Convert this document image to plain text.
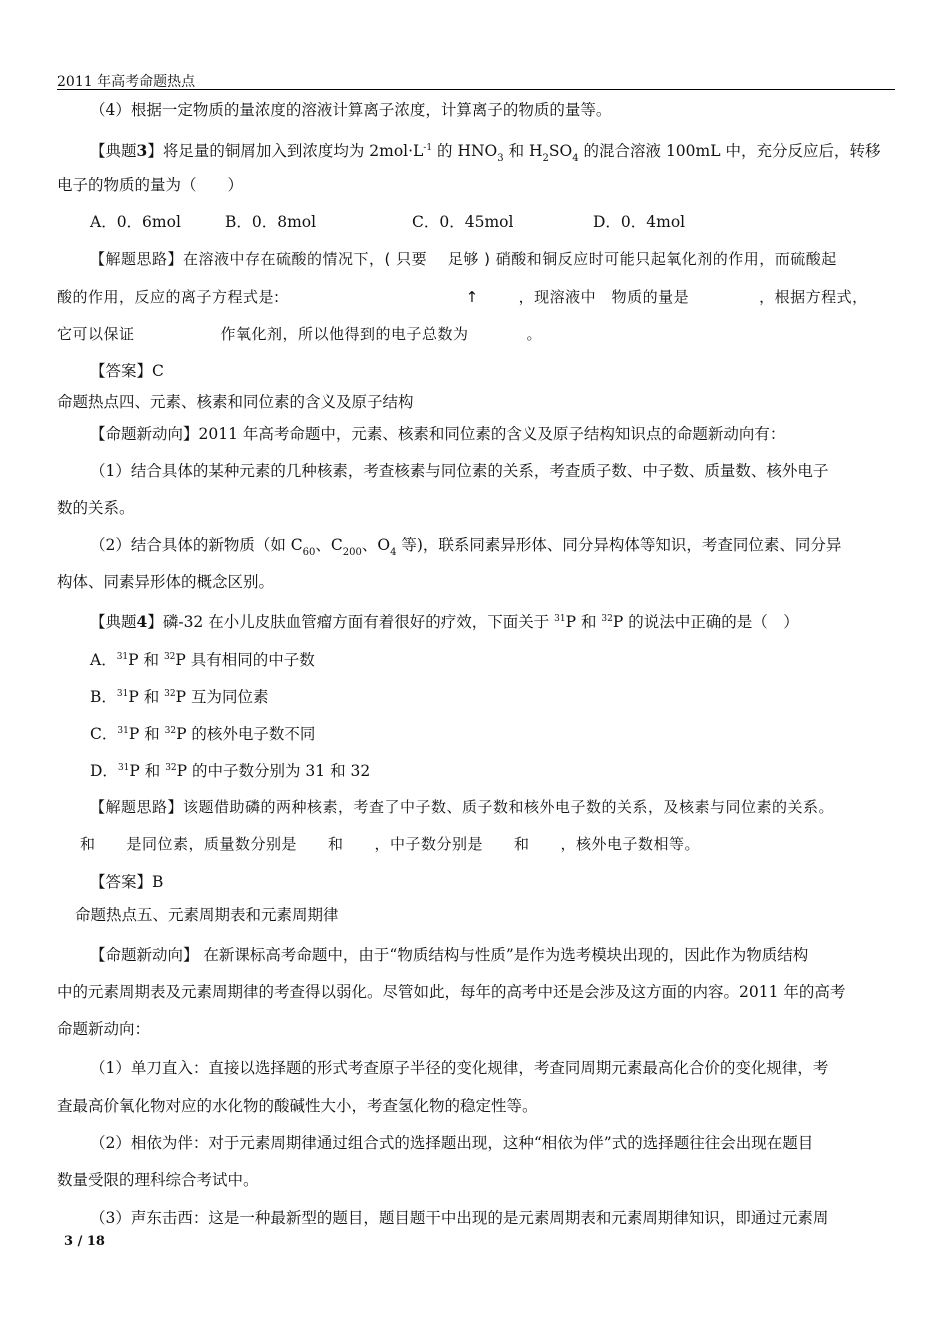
2011 年高考命题热点
（4）根据一定物质的量浓度的溶液计算离子浓度，计算离子的物质的量等。
【典题3】将足量的铜屑加入到浓度均为 $2mol\cdot L^{-1}$ 的 $HNO_3$ 和 $H_2SO_4$ 的混合溶液 100mL 中，充分反应后，转移
电子的物质的量为（　　）
A．0．6mol	B．0．8mol	C．0．45mol	D．0．4mol
【解题思路】在溶液中存在硫酸的情况下，( 只要　 足够 ) 硝酸和铜反应时可能只起氧化剂的作用，而硫酸起
酸的作用，反应的离子方程式是:	↑	，现溶液中　物质的量是	，根据方程式，
它可以保证	作氧化剂，所以他得到的电子总数为	。
【答案】C
命题热点四、元素、核素和同位素的含义及原子结构
【命题新动向】2011 年高考命题中，元素、核素和同位素的含义及原子结构知识点的命题新动向有：
（1）结合具体的某种元素的几种核素，考查核素与同位素的关系，考查质子数、中子数、质量数、核外电子
数的关系。
（2）结合具体的新物质（如 $C_{60}$、$C_{200}$、$O_4$ 等)，联系同素异形体、同分异构体等知识，考查同位素、同分异
构体、同素异形体的概念区别。
【典题4】磷-32 在小儿皮肤血管瘤方面有着很好的疗效，下面关于 $^{31}$P 和 $^{32}$P 的说法中正确的是（　）
A．$^{31}$P 和 $^{32}$P 具有相同的中子数
B．$^{31}$P 和 $^{32}$P 互为同位素
C．$^{31}$P 和 $^{32}$P 的核外电子数不同
D．$^{31}$P 和 $^{32}$P 的中子数分别为 31 和 32
【解题思路】该题借助磷的两种核素，考查了中子数、质子数和核外电子数的关系，及核素与同位素的关系。
和　　是同位素，质量数分别是　　和　　，中子数分别是　　和　　，核外电子数相等。
【答案】B
命题热点五、元素周期表和元素周期律
【命题新动向】 在新课标高考命题中，由于“物质结构与性质”是作为选考模块出现的，因此作为物质结构
中的元素周期表及元素周期律的考查得以弱化。尽管如此，每年的高考中还是会涉及这方面的内容。2011 年的高考
命题新动向：
（1）单刀直入：直接以选择题的形式考查原子半径的变化规律，考查同周期元素最高化合价的变化规律，考
查最高价氧化物对应的水化物的酸碱性大小，考查氢化物的稳定性等。
（2）相依为伴：对于元素周期律通过组合式的选择题出现，这种“相依为伴”式的选择题往往会出现在题目
数量受限的理科综合考试中。
（3）声东击西：这是一种最新型的题目，题目题干中出现的是元素周期表和元素周期律知识，即通过元素周
3 / 18
